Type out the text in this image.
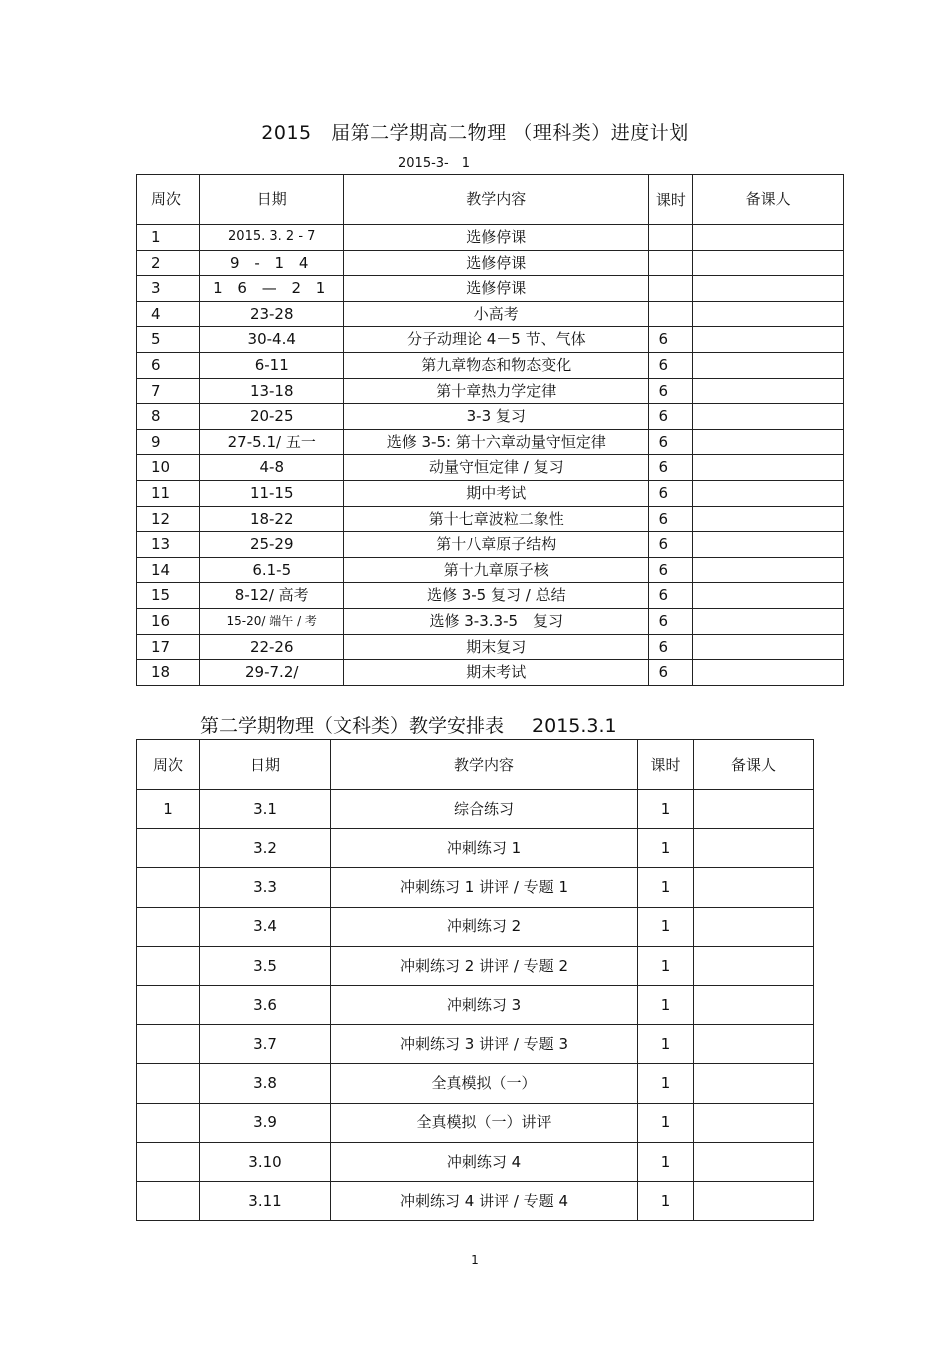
2015　届第二学期高二物理 （理科类）进度计划
2015-3-　1
周次	日期	教学内容	课时	备课人
1	2015. 3. 2 - 7	选修停课		
2	9 - 1 4	选修停课		
3	1 6 — 2 1	选修停课		
4	23-28	小高考		
5	30-4.4	分子动理论 4－5 节、气体	6	
6	6-11	第九章物态和物态变化	6	
7	13-18	第十章热力学定律	6	
8	20-25	3-3 复习	6	
9	27-5.1/ 五一	选修 3-5: 第十六章动量守恒定律	6	
10	4-8	动量守恒定律 / 复习	6	
11	11-15	期中考试	6	
12	18-22	第十七章波粒二象性	6	
13	25-29	第十八章原子结构	6	
14	6.1-5	第十九章原子核	6	
15	8-12/ 高考	选修 3-5 复习 / 总结	6	
16	15-20/ 端午 / 考	选修 3-3.3-5　复习	6	
17	22-26	期末复习	6	
18	29-7.2/	期末考试	6	
第二学期物理（文科类）教学安排表 2015.3.1
周次	日期	教学内容	课时	备课人
1	3.1	综合练习	1	
	3.2	冲刺练习 1	1	
	3.3	冲刺练习 1 讲评 / 专题 1	1	
	3.4	冲刺练习 2	1	
	3.5	冲刺练习 2 讲评 / 专题 2	1	
	3.6	冲刺练习 3	1	
	3.7	冲刺练习 3 讲评 / 专题 3	1	
	3.8	全真模拟（一）	1	
	3.9	全真模拟（一）讲评	1	
	3.10	冲刺练习 4	1	
	3.11	冲刺练习 4 讲评 / 专题 4	1	
1
